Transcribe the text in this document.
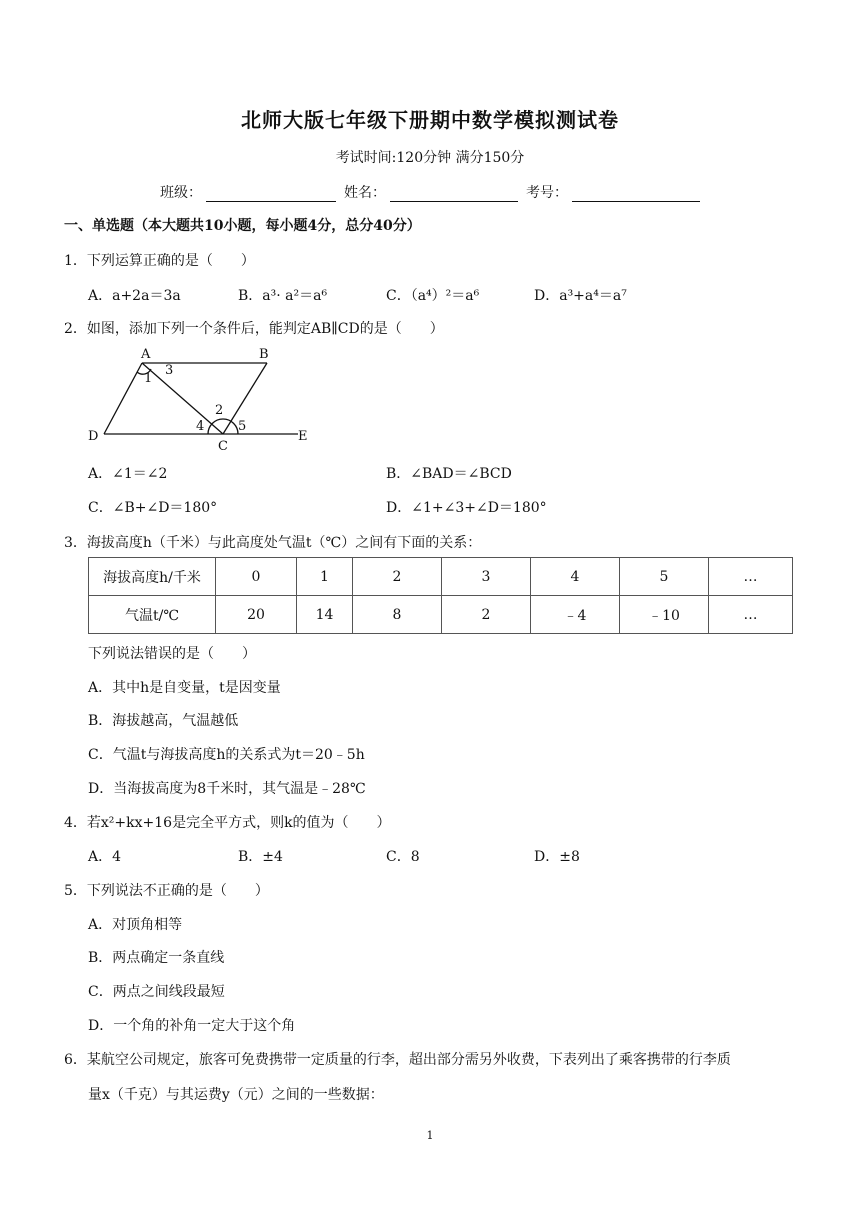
北师大版七年级下册期中数学模拟测试卷
考试时间:120分钟 满分150分
班级：	姓名：	考号：
一、单选题（本大题共10小题，每小题4分，总分40分）
1．下列运算正确的是（　　）
A．a+2a＝3a	B．a³· a²＝a⁶	C．（a⁴）²＝a⁶	D．a³+a⁴＝a⁷
2．如图，添加下列一个条件后，能判定AB∥CD的是（　　）
A	B
1
3
2
4	5
C
D	E
A．∠1＝∠2	B．∠BAD＝∠BCD
C．∠B+∠D＝180°	D．∠1+∠3+∠D＝180°
3．海拔高度h（千米）与此高度处气温t（℃）之间有下面的关系：
海拔高度h/千米	0	1	2	3	4	5	…
气温t/℃	20	14	8	2	﹣4	﹣10	…
下列说法错误的是（　　）
A．其中h是自变量，t是因变量
B．海拔越高，气温越低
C．气温t与海拔高度h的关系式为t＝20﹣5h
D．当海拔高度为8千米时，其气温是﹣28℃
4．若x²+kx+16是完全平方式，则k的值为（　　）
A．4	B．±4	C．8	D．±8
5．下列说法不正确的是（　　）
A．对顶角相等
B．两点确定一条直线
C．两点之间线段最短
D．一个角的补角一定大于这个角
6．某航空公司规定，旅客可免费携带一定质量的行李，超出部分需另外收费，下表列出了乘客携带的行李质
量x（千克）与其运费y（元）之间的一些数据：
1
